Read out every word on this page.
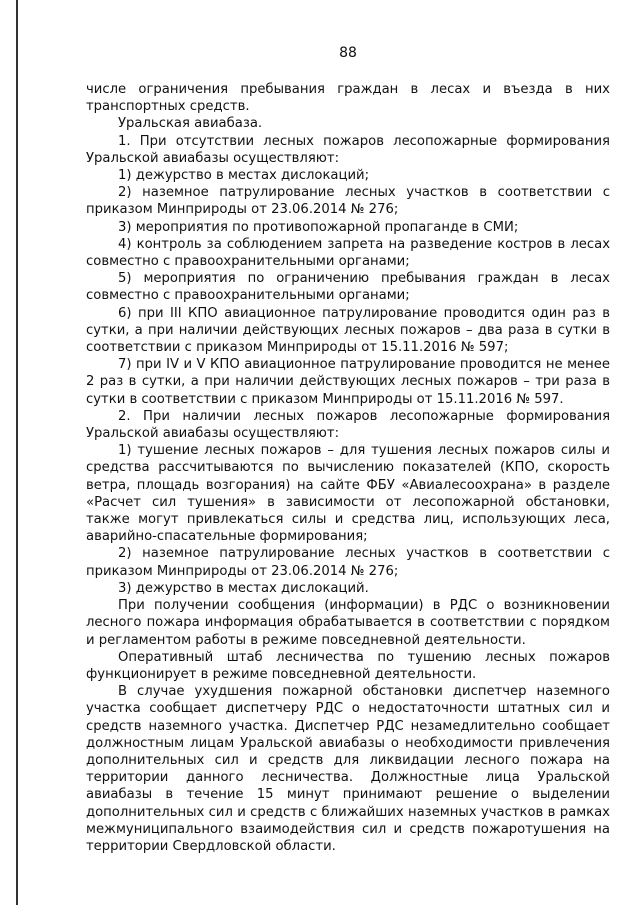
88

числе ограничения пребывания граждан в лесах и въезда в них транспортных средств.

Уральская авиабаза.

1. При отсутствии лесных пожаров лесопожарные формирования Уральской авиабазы осуществляют:

1) дежурство в местах дислокаций;

2) наземное патрулирование лесных участков в соответствии с приказом Минприроды от 23.06.2014 № 276;

3) мероприятия по противопожарной пропаганде в СМИ;

4) контроль за соблюдением запрета на разведение костров в лесах совместно с правоохранительными органами;

5) мероприятия по ограничению пребывания граждан в лесах совместно с правоохранительными органами;

6) при III КПО авиационное патрулирование проводится один раз в сутки, а при наличии действующих лесных пожаров – два раза в сутки в соответствии с приказом Минприроды от 15.11.2016 № 597;

7) при IV и V КПО авиационное патрулирование проводится не менее 2 раз в сутки, а при наличии действующих лесных пожаров – три раза в сутки в соответствии с приказом Минприроды от 15.11.2016 № 597.

2. При наличии лесных пожаров лесопожарные формирования Уральской авиабазы осуществляют:

1) тушение лесных пожаров – для тушения лесных пожаров силы и средства рассчитываются по вычислению показателей (КПО, скорость ветра, площадь возгорания) на сайте ФБУ «Авиалесоохрана» в разделе «Расчет сил тушения» в зависимости от лесопожарной обстановки, также могут привлекаться силы и средства лиц, использующих леса, аварийно-спасательные формирования;

2) наземное патрулирование лесных участков в соответствии с приказом Минприроды от 23.06.2014 № 276;

3) дежурство в местах дислокаций.

При получении сообщения (информации) в РДС о возникновении лесного пожара информация обрабатывается в соответствии с порядком и регламентом работы в режиме повседневной деятельности.

Оперативный штаб лесничества по тушению лесных пожаров функционирует в режиме повседневной деятельности.

В случае ухудшения пожарной обстановки диспетчер наземного участка сообщает диспетчеру РДС о недостаточности штатных сил и средств наземного участка. Диспетчер РДС незамедлительно сообщает должностным лицам Уральской авиабазы о необходимости привлечения дополнительных сил и средств для ликвидации лесного пожара на территории данного лесничества. Должностные лица Уральской авиабазы в течение 15 минут принимают решение о выделении дополнительных сил и средств с ближайших наземных участков в рамках межмуниципального взаимодействия сил и средств пожаротушения на территории Свердловской области.
